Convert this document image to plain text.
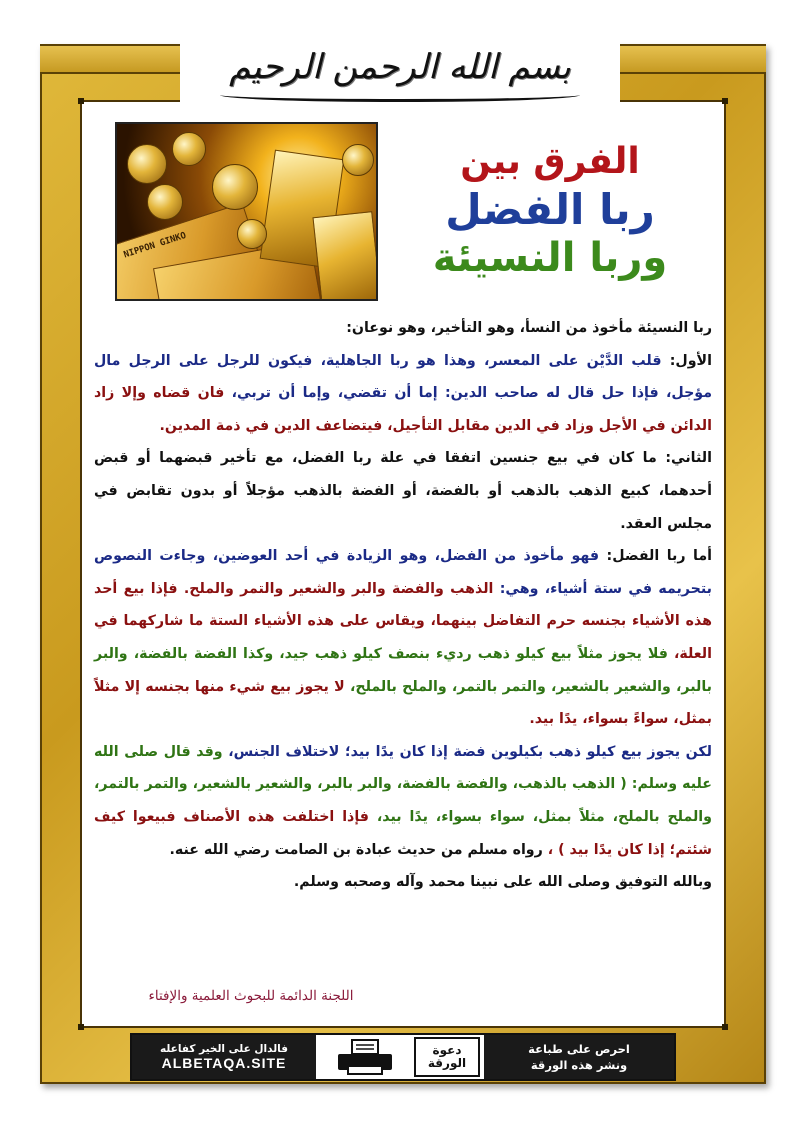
بسم الله الرحمن الرحيم
NIPPON GINKO
الفرق بين
ربا الفضل
وربا النسيئة
ربا النسيئة مأخوذ من النسأ، وهو التأخير، وهو نوعان:
الأول: قلب الدَّيْن على المعسر، وهذا هو ربا الجاهلية، فيكون للرجل على الرجل مال مؤجل، فإذا حل قال له صاحب الدين: إما أن تقضي، وإما أن تربي، فان قضاه وإلا زاد الدائن في الأجل وزاد في الدين مقابل التأجيل، فيتضاعف الدين في ذمة المدين.
الثاني: ما كان في بيع جنسين اتفقا في علة ربا الفضل، مع تأخير قبضهما أو قبض أحدهما، كبيع الذهب بالذهب أو بالفضة، أو الفضة بالذهب مؤجلاً أو بدون تقابض في مجلس العقد.
أما ربا الفضل: فهو مأخوذ من الفضل، وهو الزيادة في أحد العوضين، وجاءت النصوص بتحريمه في ستة أشياء، وهي: الذهب والفضة والبر والشعير والتمر والملح. فإذا بيع أحد هذه الأشياء بجنسه حرم التفاضل بينهما، ويقاس على هذه الأشياء الستة ما شاركهما في العلة، فلا يجوز مثلاً بيع كيلو ذهب رديء بنصف كيلو ذهب جيد، وكذا الفضة بالفضة، والبر بالبر، والشعير بالشعير، والتمر بالتمر، والملح بالملح، لا يجوز بيع شيء منها بجنسه إلا مثلاً بمثل، سواءً بسواء، يدًا بيد.
لكن يجوز بيع كيلو ذهب بكيلوين فضة إذا كان يدًا بيد؛ لاختلاف الجنس، وقد قال صلى الله عليه وسلم: ( الذهب بالذهب، والفضة بالفضة، والبر بالبر، والشعير بالشعير، والتمر بالتمر، والملح بالملح، مثلاً بمثل، سواء بسواء، يدًا بيد، فإذا اختلفت هذه الأصناف فبيعوا كيف شئتم؛ إذا كان يدًا بيد ) ، رواه مسلم من حديث عبادة بن الصامت رضي الله عنه.
وبالله التوفيق وصلى الله على نبينا محمد وآله وصحبه وسلم.
اللجنة الدائمة للبحوث العلمية والإفتاء
فالدال على الخير كفاعله
ALBETAQA.SITE
دعوة
الورقة
احرص على طباعة
ونشر هذه الورقة
